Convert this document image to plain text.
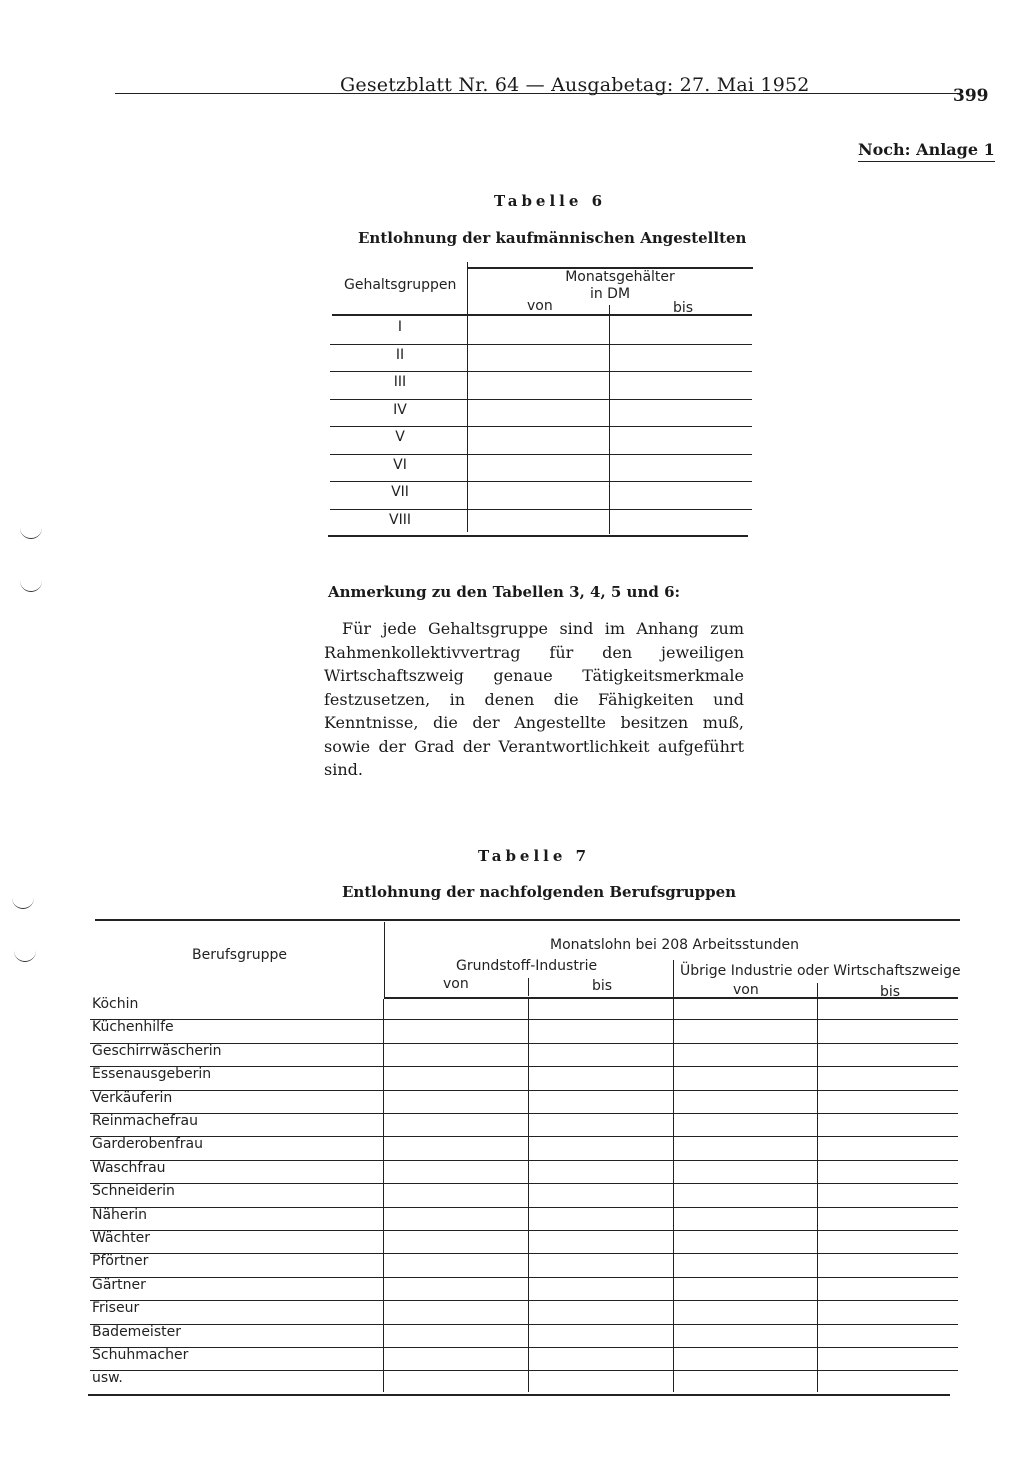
Gesetzblatt Nr. 64 — Ausgabetag: 27. Mai 1952	399
Noch: Anlage 1
Tabelle 6
Entlohnung der kaufmännischen Angestellten
Gehaltsgruppen	Monatsgehälter
in DM
von	bis
I
II
III
IV
V
VI
VII
VIII
Anmerkung zu den Tabellen 3, 4, 5 und 6:
Für jede Gehaltsgruppe sind im Anhang zum Rahmenkollektivvertrag für den jeweiligen Wirtschaftszweig genaue Tätigkeitsmerkmale festzusetzen, in denen die Fähigkeiten und Kenntnisse, die der Angestellte besitzen muß, sowie der Grad der Verantwortlichkeit aufgeführt sind.
Tabelle 7
Entlohnung der nachfolgenden Berufsgruppen
Berufsgruppe
Monatslohn bei 208 Arbeitsstunden
Grundstoff-Industrie	Übrige Industrie oder Wirtschaftszweige
von	bis	von	bis
Köchin
Küchenhilfe
Geschirrwäscherin
Essenausgeberin
Verkäuferin
Reinmachefrau
Garderobenfrau
Waschfrau
Schneiderin
Näherin
Wächter
Pförtner
Gärtner
Friseur
Bademeister
Schuhmacher
usw.
